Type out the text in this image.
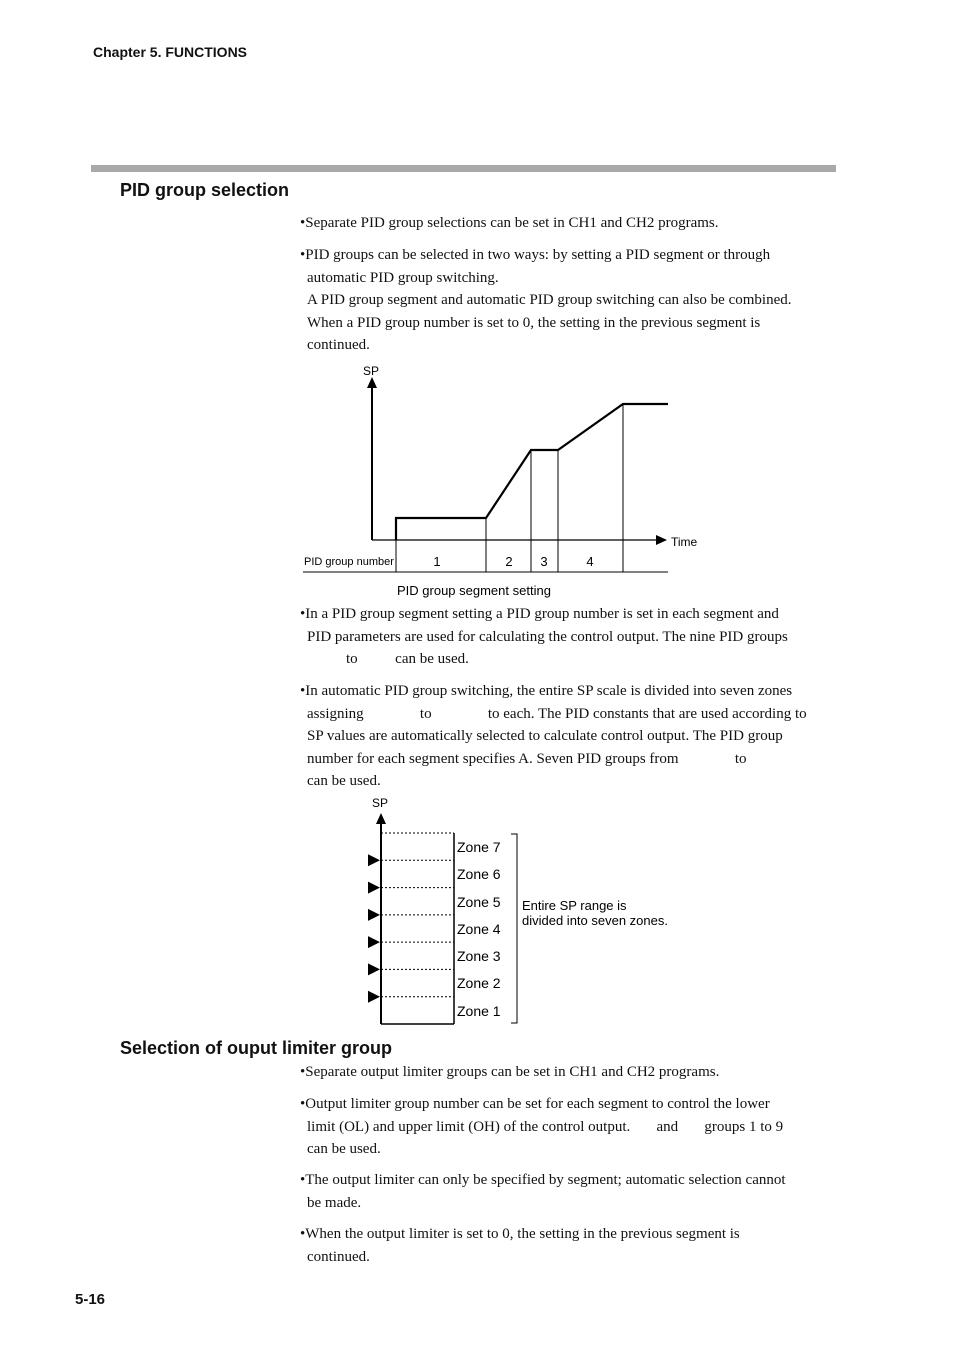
Chapter 5. FUNCTIONS
PID group selection
•Separate PID group selections can be set in CH1 and CH2 programs.
•PID groups can be selected in two ways: by setting a PID segment or through
automatic PID group switching.
A PID group segment and automatic PID group switching can also be combined.
When a PID group number is set to 0, the setting in the previous segment is
continued.
SP
Time
PID group number	1	2 3	4
PID group segment setting
•In a PID group segment setting a PID group number is set in each segment and
PID parameters are used for calculating the control output. The nine PID groups
to          can be used.
•In automatic PID group switching, the entire SP scale is divided into seven zones
assigning               to               to each. The PID constants that are used according to
SP values are automatically selected to calculate control output. The PID group
number for each segment specifies A. Seven PID groups from               to
can be used.
SP
Zone 7
Zone 6
Zone 5
Zone 4
Zone 3
Zone 2
Zone 1
Entire SP range is
divided into seven zones.
Selection of ouput limiter group
•Separate output limiter groups can be set in CH1 and CH2 programs.
•Output limiter group number can be set for each segment to control the lower
limit (OL) and upper limit (OH) of the control output.       and       groups 1 to 9
can be used.
•The output limiter can only be specified by segment; automatic selection cannot
be made.
•When the output limiter is set to 0, the setting in the previous segment is
continued.
5-16
